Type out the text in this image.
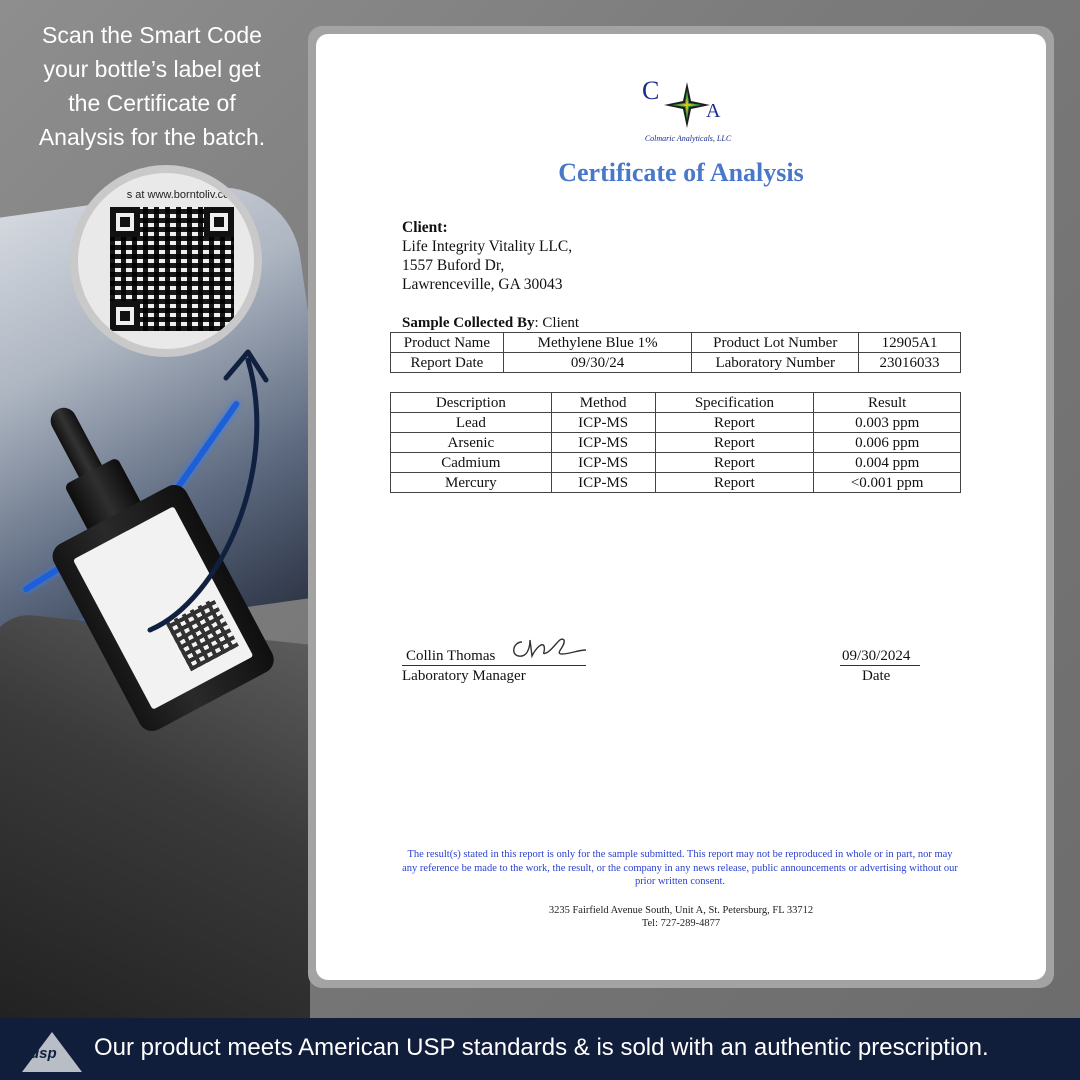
Scan the Smart Code
your bottle’s label get
the Certificate of
Analysis for the batch.
s at www.borntoliv.co
C
A
Colmaric Analyticals, LLC
Certificate of Analysis
Client:
Life Integrity Vitality LLC,
1557 Buford Dr,
Lawrenceville, GA 30043
Sample Collected By: Client
Product Name	Methylene Blue 1%	Product Lot Number	12905A1
Report Date	09/30/24	Laboratory Number	23016033
Description	Method	Specification	Result
Lead	ICP-MS	Report	0.003 ppm
Arsenic	ICP-MS	Report	0.006 ppm
Cadmium	ICP-MS	Report	0.004 ppm
Mercury	ICP-MS	Report	<0.001 ppm
Collin Thomas
Laboratory Manager
09/30/2024
Date
The result(s) stated in this report is only for the sample submitted. This report may not be reproduced in whole or in part, nor may any reference be made to the work, the result, or the company in any news release, public announcements or advertising without our prior written consent.
3235 Fairfield Avenue South, Unit A, St. Petersburg, FL 33712
Tel: 727-289-4877
usp Our product meets American USP standards & is sold with an authentic prescription.
